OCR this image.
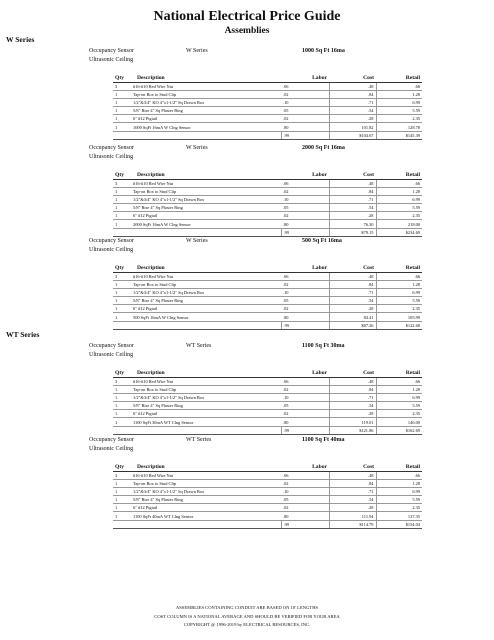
National Electrical Price Guide
Assemblies
W Series
WT Series
Occupancy Sensor	W Series	1000 Sq Ft 16ma
Ultrasonic Ceiling
Qty	Description	Labor	Cost	Retail
3	#16-#10 Red Wire Nut	.06	.48	.66
1	Tap-on Box to Stud Clip	.02	.84	1.28
1	1/2"&3/4" KO 4"x1-1/2" Sq Drawn Box	.10	.71	6.99
1	5/8" Rise 4" Sq Plaster Ring	.05	.54	5.59
1	6" #12 Pigtail	.02	.28	2.35
1	1000 SqFt 16mA W Clng Sensor	.80	101.82	128.78
		.99	$104.67	$145.39
Occupancy Sensor	W Series	2000 Sq Ft 16ma
Ultrasonic Ceiling
Qty	Description	Labor	Cost	Retail
3	#16-#10 Red Wire Nut	.06	.48	.66
1	Tap-on Box to Stud Clip	.02	.84	1.28
1	1/2"&3/4" KO 4"x1-1/2" Sq Drawn Box	.10	.71	6.99
1	5/8" Rise 4" Sq Plaster Ring	.05	.54	5.59
1	6" #12 Pigtail	.02	.28	2.35
1	2000 SqFt 16mA W Clng Sensor	.80	76.30	218.00
		.99	$79.15	$234.69
Occupancy Sensor	W Series	500 Sq Ft 16ma
Ultrasonic Ceiling
Qty	Description	Labor	Cost	Retail
3	#16-#10 Red Wire Nut	.06	.48	.66
1	Tap-on Box to Stud Clip	.02	.84	1.28
1	1/2"&3/4" KO 4"x1-1/2" Sq Drawn Box	.10	.71	6.99
1	5/8" Rise 4" Sq Plaster Ring	.05	.54	5.59
1	6" #12 Pigtail	.02	.28	2.35
1	500 SqFt 16mA W Clng Sensor	.80	84.41	105.99
		.99	$87.26	$122.68
Occupancy Sensor	WT Series	1100 Sq Ft 30ma
Ultrasonic Ceiling
Qty	Description	Labor	Cost	Retail
3	#16-#10 Red Wire Nut	.06	.48	.66
1	Tap-on Box to Stud Clip	.02	.84	1.28
1	1/2"&3/4" KO 4"x1-1/2" Sq Drawn Box	.10	.71	6.99
1	5/8" Rise 4" Sq Plaster Ring	.05	.54	5.59
1	6" #12 Pigtail	.02	.28	2.35
1	1100 SqFt 30mA WT Clng Sensor	.80	119.01	146.00
		.99	$121.86	$162.69
Occupancy Sensor	WT Series	1100 Sq Ft 40ma
Ultrasonic Ceiling
Qty	Description	Labor	Cost	Retail
3	#16-#10 Red Wire Nut	.06	.48	.66
1	Tap-on Box to Stud Clip	.02	.84	1.28
1	1/2"&3/4" KO 4"x1-1/2" Sq Drawn Box	.10	.71	6.99
1	5/8" Rise 4" Sq Plaster Ring	.05	.54	5.59
1	6" #12 Pigtail	.02	.28	2.35
1	1100 SqFt 40mA WT Clng Sensor	.80	111.94	137.35
		.99	$114.79	$154.04
ASSEMBLIES CONTAINING CONDUIT ARE BASED ON 10' LENGTHS
COST COLUMN IS A NATIONAL AVERAGE AND SHOULD BE VERIFIED FOR YOUR AREA
COPYRIGHT @ 1996-2019 by ELECTRICAL RESOURCES, INC.
